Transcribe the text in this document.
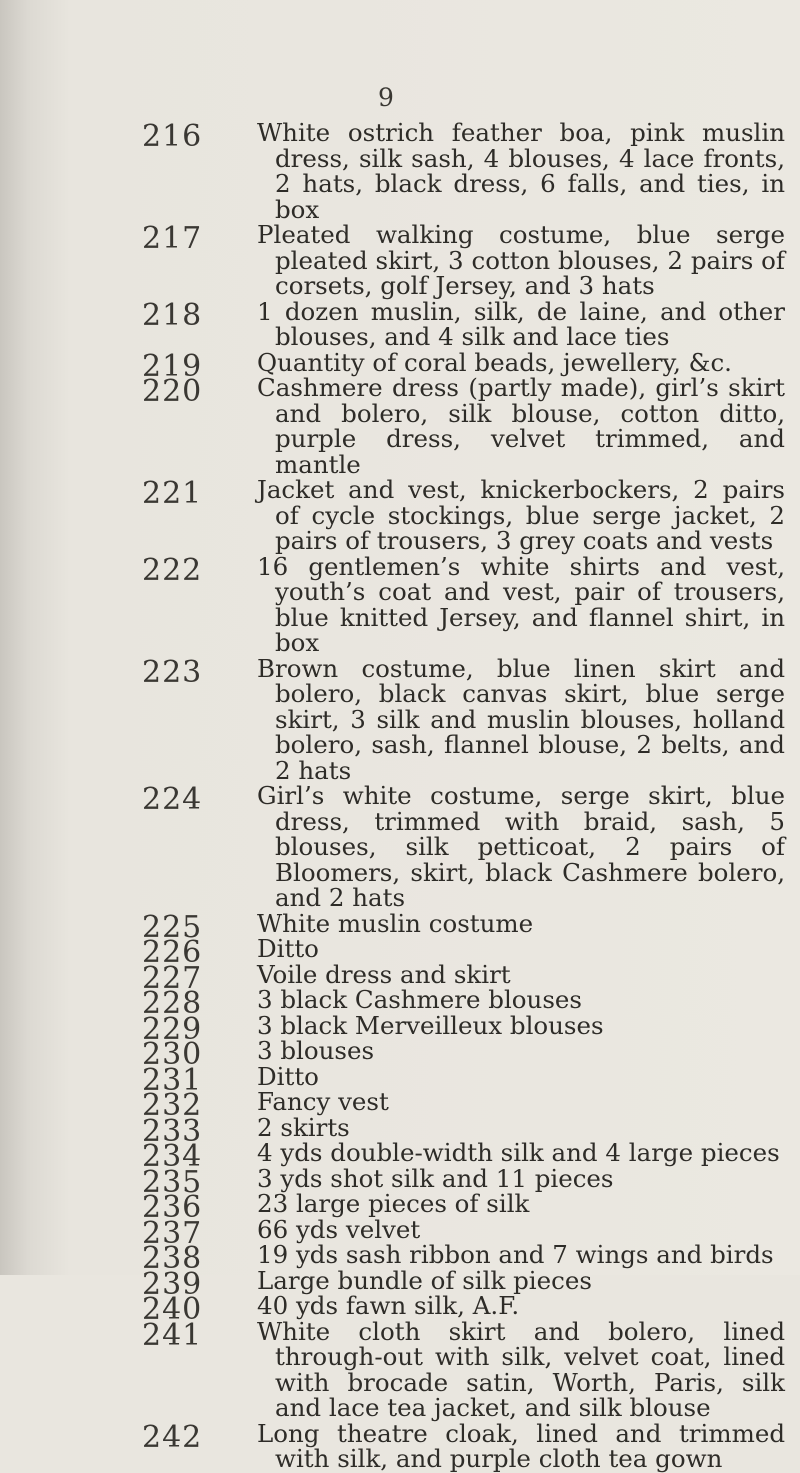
9
216 White ostrich feather boa, pink muslin dress, silk sash, 4 blouses, 4 lace fronts, 2 hats, black dress, 6 falls, and ties, in box
217 Pleated walking costume, blue serge pleated skirt, 3 cotton blouses, 2 pairs of corsets, golf Jersey, and 3 hats
218 1 dozen muslin, silk, de laine, and other blouses, and 4 silk and lace ties
219 Quantity of coral beads, jewellery, &c.
220 Cashmere dress (partly made), girl’s skirt and bolero, silk blouse, cotton ditto, purple dress, velvet trimmed, and mantle
221 Jacket and vest, knickerbockers, 2 pairs of cycle stockings, blue serge jacket, 2 pairs of trousers, 3 grey coats and vests
222 16 gentlemen’s white shirts and vest, youth’s coat and vest, pair of trousers, blue knitted Jersey, and flannel shirt, in box
223 Brown costume, blue linen skirt and bolero, black canvas skirt, blue serge skirt, 3 silk and muslin blouses, holland bolero, sash, flannel blouse, 2 belts, and 2 hats
224 Girl’s white costume, serge skirt, blue dress, trimmed with braid, sash, 5 blouses, silk petticoat, 2 pairs of Bloomers, skirt, black Cashmere bolero, and 2 hats
225 White muslin costume
226 Ditto
227 Voile dress and skirt
228 3 black Cashmere blouses
229 3 black Merveilleux blouses
230 3 blouses
231 Ditto
232 Fancy vest
233 2 skirts
234 4 yds double-width silk and 4 large pieces
235 3 yds shot silk and 11 pieces
236 23 large pieces of silk
237 66 yds velvet
238 19 yds sash ribbon and 7 wings and birds
239 Large bundle of silk pieces
240 40 yds fawn silk, A.F.
241 White cloth skirt and bolero, lined through-out with silk, velvet coat, lined with brocade satin, Worth, Paris, silk and lace tea jacket, and silk blouse
242 Long theatre cloak, lined and trimmed with silk, and purple cloth tea gown
